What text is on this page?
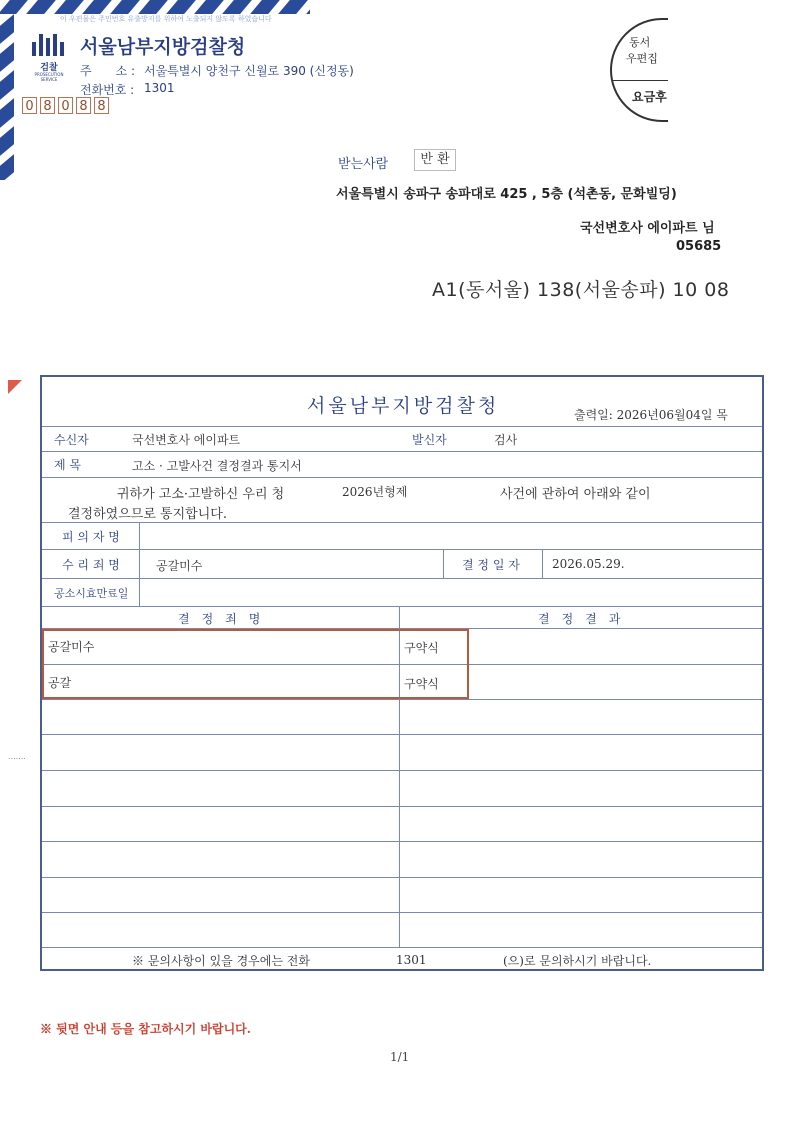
이 우편물은 주민번호 유출방지를 위하여 노출되지 않도록 하였습니다
검찰
PROSECUTION SERVICE
서울남부지방검찰청
주　　소 : 서울특별시 양천구 신월로 390 (신정동)
전화번호 : 1301
0 8 0 8 8
동서
우편집
요금후
받는사람	반 환
서울특별시 송파구 송파대로 425 , 5층 (석촌동, 문화빌딩)
국선변호사 에이파트 님
05685
A1(동서울) 138(서울송파) 10 08
.......
서울남부지방검찰청	출력일: 2026년06월04일 목
수신자	국선변호사 에이파트	발신자	검사
제 목	고소 · 고발사건 결정결과 통지서
귀하가 고소·고발하신 우리 청	2026년형제	사건에 관하여 아래와 같이
결정하였으므로 통지합니다.
피 의 자 명
수 리 죄 명	공갈미수	결 정 일 자	2026.05.29.
공소시효만료일
결　정　죄　명	결　정　결　과
공갈미수	구약식
공갈	구약식
※ 문의사항이 있을 경우에는 전화	1301	(으)로 문의하시기 바랍니다.
※ 뒷면 안내 등을 참고하시기 바랍니다.
1/1
